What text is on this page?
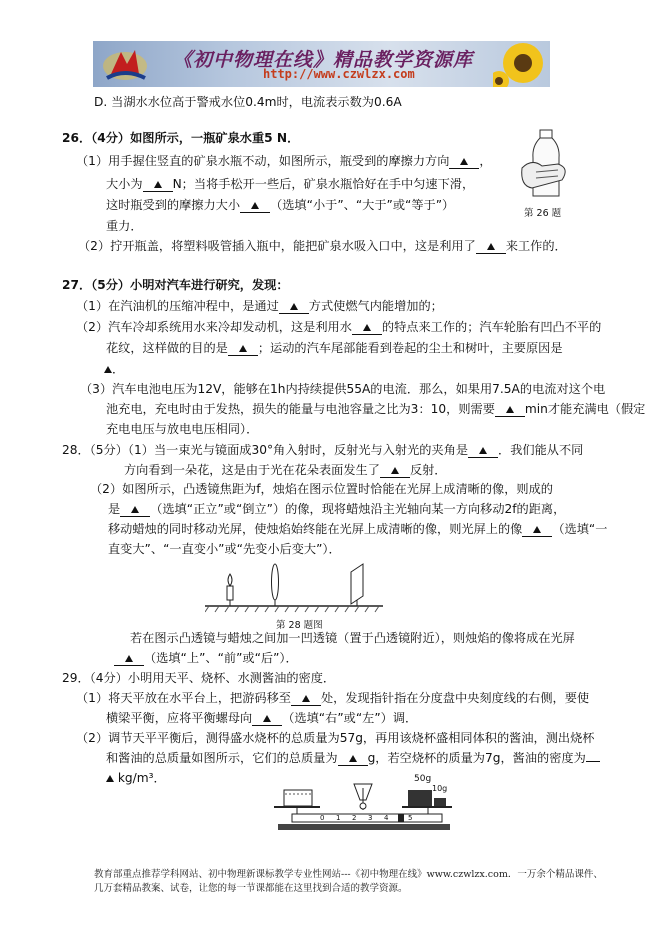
《初中物理在线》精品教学资源库
http://www.czwlzx.com
D. 当湖水水位高于警戒水位0.4m时，电流表示数为0.6A
26．（4分）如图所示，一瓶矿泉水重5 N．
（1）用手握住竖直的矿泉水瓶不动，如图所示，瓶受到的摩擦力方向 ，
大小为 N；当将手松开一些后，矿泉水瓶恰好在手中匀速下滑，
这时瓶受到的摩擦力大小 （选填“小于”、“大于”或“等于”）
重力．
（2）拧开瓶盖，将塑料吸管插入瓶中，能把矿泉水吸入口中，这是利用了 来工作的．
第 26 题
27．（5分）小明对汽车进行研究，发现：
（1）在汽油机的压缩冲程中，是通过 方式使燃气内能增加的；
（2）汽车冷却系统用水来冷却发动机，这是利用水 的特点来工作的；汽车轮胎有凹凸不平的
花纹，这样做的目的是 ；运动的汽车尾部能看到卷起的尘土和树叶，主要原因是
．
（3）汽车电池电压为12V，能够在1h内持续提供55A的电流．那么，如果用7.5A的电流对这个电
池充电，充电时由于发热，损失的能量与电池容量之比为3：10，则需要 min才能充满电（假定
充电电压与放电电压相同）．
28．（5分）（1）当一束光与镜面成30°角入射时，反射光与入射光的夹角是 ．我们能从不同
方向看到一朵花，这是由于光在花朵表面发生了 反射．
（2）如图所示，凸透镜焦距为f，烛焰在图示位置时恰能在光屏上成清晰的像，则成的
是 （选填“正立”或“倒立”）的像，现将蜡烛沿主光轴向某一方向移动2f的距离，
移动蜡烛的同时移动光屏，使烛焰始终能在光屏上成清晰的像，则光屏上的像 （选填“一
直变大”、“一直变小”或“先变小后变大”）．
第 28 题图
若在图示凸透镜与蜡烛之间加一凹透镜（置于凸透镜附近），则烛焰的像将成在光屏
（选填“上”、“前”或“后”）．
29．（4分）小明用天平、烧杯、水测酱油的密度．
（1）将天平放在水平台上，把游码移至 处，发现指针指在分度盘中央刻度线的右侧，要使
横梁平衡，应将平衡螺母向 （选填“右”或“左”）调．
（2）调节天平平衡后，测得盛水烧杯的总质量为57g，再用该烧杯盛相同体积的酱油，测出烧杯
和酱油的总质量如图所示，它们的总质量为 g，若空烧杯的质量为7g，酱油的密度为
kg/m³．	50g
10g
0 1 2 3 4	5
教育部重点推荐学科网站、初中物理新课标教学专业性网站---《初中物理在线》www.czwlzx.com．一万余个精品课件、
几万套精品教案、试卷，让您的每一节课都能在这里找到合适的教学资源。
